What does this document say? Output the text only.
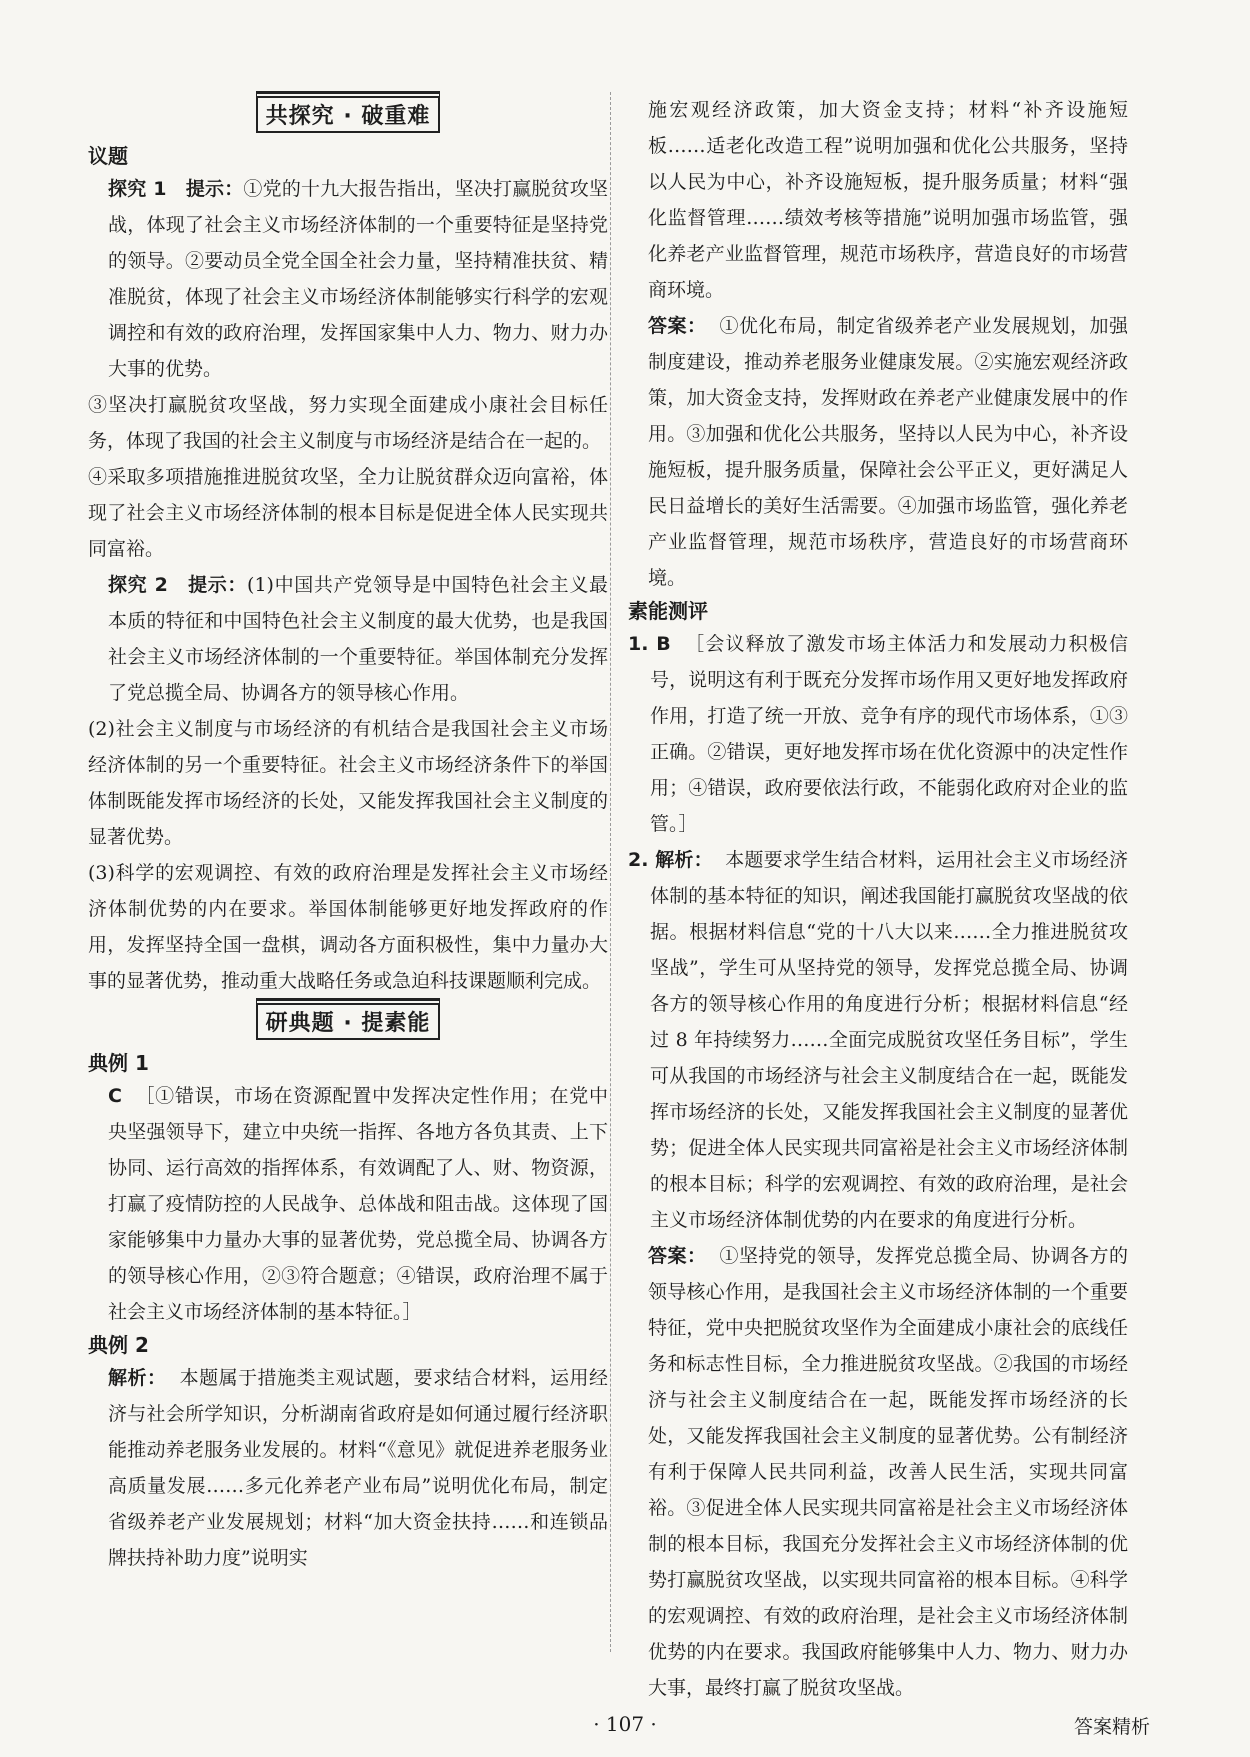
共探究 · 破重难

议题

探究 1　提示：①党的十九大报告指出，坚决打赢脱贫攻坚战，体现了社会主义市场经济体制的一个重要特征是坚持党的领导。②要动员全党全国全社会力量，坚持精准扶贫、精准脱贫，体现了社会主义市场经济体制能够实行科学的宏观调控和有效的政府治理，发挥国家集中人力、物力、财力办大事的优势。

③坚决打赢脱贫攻坚战，努力实现全面建成小康社会目标任务，体现了我国的社会主义制度与市场经济是结合在一起的。

④采取多项措施推进脱贫攻坚，全力让脱贫群众迈向富裕，体现了社会主义市场经济体制的根本目标是促进全体人民实现共同富裕。

探究 2　提示：(1)中国共产党领导是中国特色社会主义最本质的特征和中国特色社会主义制度的最大优势，也是我国社会主义市场经济体制的一个重要特征。举国体制充分发挥了党总揽全局、协调各方的领导核心作用。

(2)社会主义制度与市场经济的有机结合是我国社会主义市场经济体制的另一个重要特征。社会主义市场经济条件下的举国体制既能发挥市场经济的长处，又能发挥我国社会主义制度的显著优势。

(3)科学的宏观调控、有效的政府治理是发挥社会主义市场经济体制优势的内在要求。举国体制能够更好地发挥政府的作用，发挥坚持全国一盘棋，调动各方面积极性，集中力量办大事的显著优势，推动重大战略任务或急迫科技课题顺利完成。

研典题 · 提素能

典例 1

C ［①错误，市场在资源配置中发挥决定性作用；在党中央坚强领导下，建立中央统一指挥、各地方各负其责、上下协同、运行高效的指挥体系，有效调配了人、财、物资源，打赢了疫情防控的人民战争、总体战和阻击战。这体现了国家能够集中力量办大事的显著优势，党总揽全局、协调各方的领导核心作用，②③符合题意；④错误，政府治理不属于社会主义市场经济体制的基本特征。］

典例 2

解析： 本题属于措施类主观试题，要求结合材料，运用经济与社会所学知识，分析湖南省政府是如何通过履行经济职能推动养老服务业发展的。材料“《意见》就促进养老服务业高质量发展……多元化养老产业布局”说明优化布局，制定省级养老产业发展规划；材料“加大资金扶持……和连锁品牌扶持补助力度”说明实

施宏观经济政策，加大资金支持；材料“补齐设施短板……适老化改造工程”说明加强和优化公共服务，坚持以人民为中心，补齐设施短板，提升服务质量；材料“强化监督管理……绩效考核等措施”说明加强市场监管，强化养老产业监督管理，规范市场秩序，营造良好的市场营商环境。

答案： ①优化布局，制定省级养老产业发展规划，加强制度建设，推动养老服务业健康发展。②实施宏观经济政策，加大资金支持，发挥财政在养老产业健康发展中的作用。③加强和优化公共服务，坚持以人民为中心，补齐设施短板，提升服务质量，保障社会公平正义，更好满足人民日益增长的美好生活需要。④加强市场监管，强化养老产业监督管理，规范市场秩序，营造良好的市场营商环境。

素能测评

1. B ［会议释放了激发市场主体活力和发展动力积极信号，说明这有利于既充分发挥市场作用又更好地发挥政府作用，打造了统一开放、竞争有序的现代市场体系，①③正确。②错误，更好地发挥市场在优化资源中的决定性作用；④错误，政府要依法行政，不能弱化政府对企业的监管。］

2. 解析： 本题要求学生结合材料，运用社会主义市场经济体制的基本特征的知识，阐述我国能打赢脱贫攻坚战的依据。根据材料信息“党的十八大以来……全力推进脱贫攻坚战”，学生可从坚持党的领导，发挥党总揽全局、协调各方的领导核心作用的角度进行分析；根据材料信息“经过 8 年持续努力……全面完成脱贫攻坚任务目标”，学生可从我国的市场经济与社会主义制度结合在一起，既能发挥市场经济的长处，又能发挥我国社会主义制度的显著优势；促进全体人民实现共同富裕是社会主义市场经济体制的根本目标；科学的宏观调控、有效的政府治理，是社会主义市场经济体制优势的内在要求的角度进行分析。

答案： ①坚持党的领导，发挥党总揽全局、协调各方的领导核心作用，是我国社会主义市场经济体制的一个重要特征，党中央把脱贫攻坚作为全面建成小康社会的底线任务和标志性目标，全力推进脱贫攻坚战。②我国的市场经济与社会主义制度结合在一起，既能发挥市场经济的长处，又能发挥我国社会主义制度的显著优势。公有制经济有利于保障人民共同利益，改善人民生活，实现共同富裕。③促进全体人民实现共同富裕是社会主义市场经济体制的根本目标，我国充分发挥社会主义市场经济体制的优势打赢脱贫攻坚战，以实现共同富裕的根本目标。④科学的宏观调控、有效的政府治理，是社会主义市场经济体制优势的内在要求。我国政府能够集中人力、物力、财力办大事，最终打赢了脱贫攻坚战。

· 107 ·	答案精析
